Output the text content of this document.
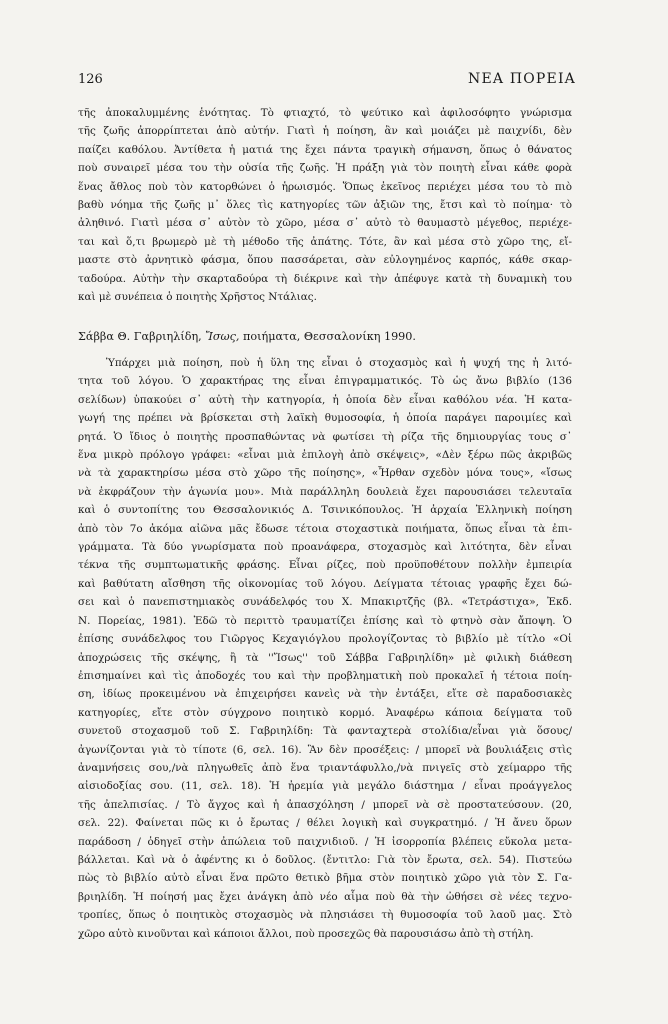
126	ΝΕΑ ΠΟΡΕΙΑ
τῆς ἀποκαλυμμένης ἑνότητας. Τὸ φτιαχτό, τὸ ψεύτικο καὶ ἀφιλοσόφητο γνώρισμα
τῆς ζωῆς ἀπορρίπτεται ἀπὸ αὐτήν. Γιατὶ ἡ ποίηση, ἂν καὶ μοιάζει μὲ παιχνίδι, δὲν
παίζει καθόλου. Ἀντίθετα ἡ ματιά της ἔχει πάντα τραγικὴ σήμανση, ὅπως ὁ θάνατος
ποὺ συναιρεῖ μέσα του τὴν οὐσία τῆς ζωῆς. Ἡ πράξη γιὰ τὸν ποιητὴ εἶναι κάθε φορὰ
ἕνας ἄθλος ποὺ τὸν κατορθώνει ὁ ἡρωισμός. Ὅπως ἐκεῖνος περιέχει μέσα του τὸ πιὸ
βαθὺ νόημα τῆς ζωῆς μ᾽ ὅλες τὶς κατηγορίες τῶν ἀξιῶν της, ἔτσι καὶ τὸ ποίημα· τὸ
ἀληθινό. Γιατὶ μέσα σ᾽ αὐτὸν τὸ χῶρο, μέσα σ᾽ αὐτὸ τὸ θαυμαστὸ μέγεθος, περιέχε-
ται καὶ ὅ,τι βρωμερὸ μὲ τὴ μέθοδο τῆς ἀπάτης. Τότε, ἂν καὶ μέσα στὸ χῶρο της, εἴ-
μαστε στὸ ἀρνητικὸ φάσμα, ὅπου πασσάρεται, σὰν εὐλογημένος καρπός, κάθε σκαρ-
ταδούρα. Αὐτὴν τὴν σκαρταδούρα τὴ διέκρινε καὶ τὴν ἀπέφυγε κατὰ τὴ δυναμικὴ του
καὶ μὲ συνέπεια ὁ ποιητὴς Χρῆστος Ντάλιας.
Σάββα Θ. Γαβριηλίδη, Ἴσως, ποιήματα, Θεσσαλονίκη 1990.
Ὑπάρχει μιὰ ποίηση, ποὺ ἡ ὕλη της εἶναι ὁ στοχασμὸς καὶ ἡ ψυχή της ἡ λιτό-
τητα τοῦ λόγου. Ὁ χαρακτήρας της εἶναι ἐπιγραμματικός. Τὸ ὡς ἄνω βιβλίο (136
σελίδων) ὑπακούει σ᾽ αὐτὴ τὴν κατηγορία, ἡ ὁποία δὲν εἶναι καθόλου νέα. Ἡ κατα-
γωγή της πρέπει νὰ βρίσκεται στὴ λαϊκὴ θυμοσοφία, ἡ ὁποία παράγει παροιμίες καὶ
ρητά. Ὁ ἴδιος ὁ ποιητὴς προσπαθώντας νὰ φωτίσει τὴ ρίζα τῆς δημιουργίας τους σ᾽
ἕνα μικρὸ πρόλογο γράφει: «εἶναι μιὰ ἐπιλογὴ ἀπὸ σκέψεις», «Δὲν ξέρω πῶς ἀκριβῶς
νὰ τὰ χαρακτηρίσω μέσα στὸ χῶρο τῆς ποίησης», «Ἦρθαν σχεδὸν μόνα τους», «ἴσως
νὰ ἐκφράζουν τὴν ἀγωνία μου». Μιὰ παράλληλη δουλειὰ ἔχει παρουσιάσει τελευταῖα
καὶ ὁ συντοπίτης του Θεσσαλονικιός Δ. Τσινικόπουλος. Ἡ ἀρχαία Ἑλληνικὴ ποίηση
ἀπὸ τὸν 7ο ἀκόμα αἰῶνα μᾶς ἔδωσε τέτοια στοχαστικὰ ποιήματα, ὅπως εἶναι τὰ ἐπι-
γράμματα. Τὰ δύο γνωρίσματα ποὺ προανάφερα, στοχασμὸς καὶ λιτότητα, δὲν εἶναι
τέκνα τῆς συμπτωματικῆς φράσης. Εἶναι ρίζες, ποὺ προϋποθέτουν πολλὴν ἐμπειρία
καὶ βαθύτατη αἴσθηση τῆς οἰκονομίας τοῦ λόγου. Δείγματα τέτοιας γραφῆς ἔχει δώ-
σει καὶ ὁ πανεπιστημιακὸς συνάδελφός του Χ. Μπακιρτζῆς (βλ. «Τετράστιχα», Ἐκδ.
Ν. Πορείας, 1981). Ἐδῶ τὸ περιττὸ τραυματίζει ἐπίσης καὶ τὸ φτηνὸ σὰν ἄποψη. Ὁ
ἐπίσης συνάδελφος του Γιῶργος Κεχαγιόγλου προλογίζοντας τὸ βιβλίο μὲ τίτλο «Οἱ
ἀποχρώσεις τῆς σκέψης, ἢ τὰ ''Ἴσως'' τοῦ Σάββα Γαβριηλίδη» μὲ φιλικὴ διάθεση
ἐπισημαίνει καὶ τὶς ἀποδοχές του καὶ τὴν προβληματικὴ ποὺ προκαλεῖ ἡ τέτοια ποίη-
ση, ἰδίως προκειμένου νὰ ἐπιχειρήσει κανεὶς νὰ τὴν ἐντάξει, εἴτε σὲ παραδοσιακὲς
κατηγορίες, εἴτε στὸν σύγχρονο ποιητικὸ κορμό. Ἀναφέρω κάποια δείγματα τοῦ
συνετοῦ στοχασμοῦ τοῦ Σ. Γαβριηλίδη: Τὰ φανταχτερὰ στολίδια/εἶναι γιὰ ὅσους/
ἀγωνίζονται γιὰ τὸ τίποτε (6, σελ. 16). Ἂν δὲν προσέξεις: / μπορεῖ νὰ βουλιάξεις στὶς
ἀναμνήσεις σου,/νὰ πληγωθεῖς ἀπὸ ἕνα τριαντάφυλλο,/νὰ πνιγεῖς στὸ χείμαρρο τῆς
αἰσιοδοξίας σου. (11, σελ. 18). Ἡ ἠρεμία γιὰ μεγάλο διάστημα / εἶναι προάγγελος
τῆς ἀπελπισίας. / Τὸ ἄγχος καὶ ἡ ἀπασχόληση / μπορεῖ νὰ σὲ προστατεύσουν. (20,
σελ. 22). Φαίνεται πῶς κι ὁ ἔρωτας / θέλει λογικὴ καὶ συγκρατημό. / Ἡ ἄνευ ὅρων
παράδοση / ὁδηγεῖ στὴν ἀπώλεια τοῦ παιχνιδιοῦ. / Ἡ ἰσορροπία βλέπεις εὔκολα μετα-
βάλλεται. Καὶ νὰ ὁ ἀφέντης κι ὁ δοῦλος. (ἔντιτλο: Γιὰ τὸν ἔρωτα, σελ. 54). Πιστεύω
πὼς τὸ βιβλίο αὐτὸ εἶναι ἕνα πρῶτο θετικὸ βῆμα στὸν ποιητικὸ χῶρο γιὰ τὸν Σ. Γα-
βριηλίδη. Ἡ ποίησή μας ἔχει ἀνάγκη ἀπὸ νέο αἷμα ποὺ θὰ τὴν ὠθήσει σὲ νέες τεχνο-
τροπίες, ὅπως ὁ ποιητικὸς στοχασμὸς νὰ πλησιάσει τὴ θυμοσοφία τοῦ λαοῦ μας. Στὸ
χῶρο αὐτὸ κινοῦνται καὶ κάποιοι ἄλλοι, ποὺ προσεχῶς θὰ παρουσιάσω ἀπὸ τὴ στήλη.
